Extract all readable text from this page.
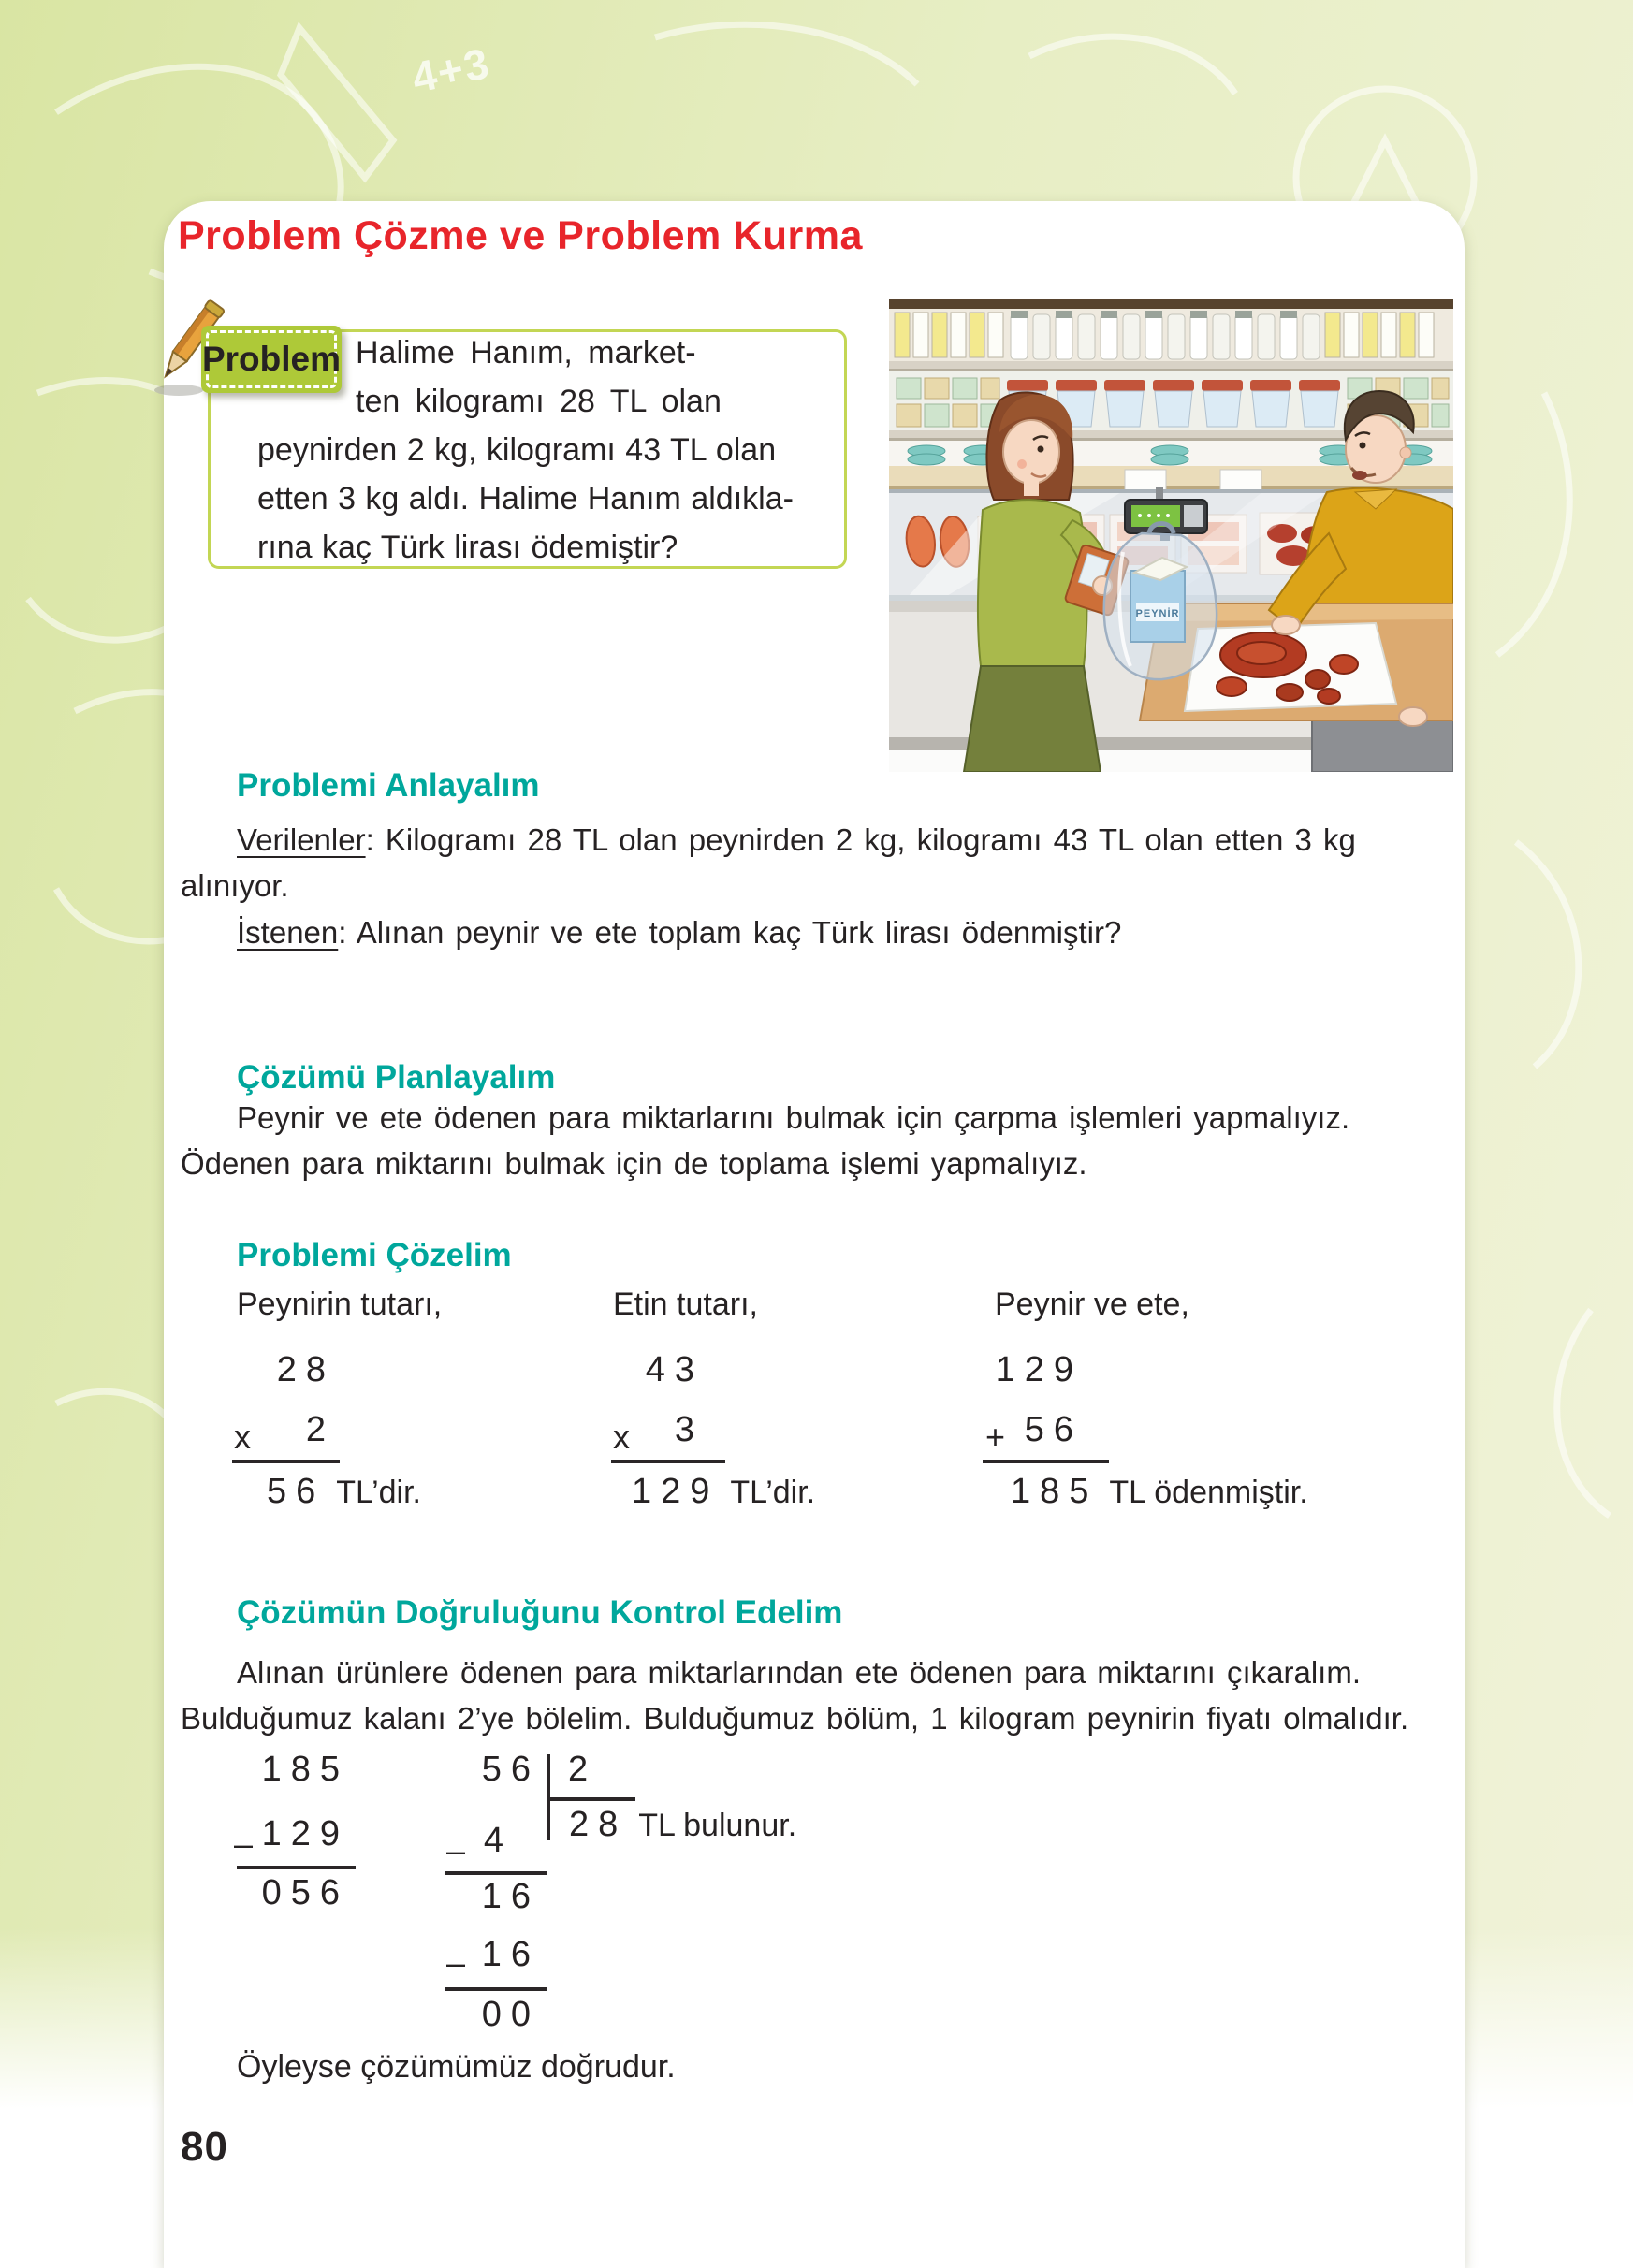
4+3
Problem Çözme ve Problem Kurma
Problem Halime Hanım, market-
ten kilogramı 28 TL olan
peynirden 2 kg, kilogramı 43 TL olan
etten 3 kg aldı. Halime Hanım aldıkla-
rına kaç Türk lirası ödemiştir?
PEYNİR
Problemi Anlayalım
Verilenler: Kilogramı 28 TL olan peynirden 2 kg, kilogramı 43 TL olan etten 3 kg
alınıyor.
İstenen: Alınan peynir ve ete toplam kaç Türk lirası ödenmiştir?
Çözümü Planlayalım
Peynir ve ete ödenen para miktarlarını bulmak için çarpma işlemleri yapmalıyız.
Ödenen para miktarını bulmak için de toplama işlemi yapmalıyız.
Problemi Çözelim
Peynirin tutarı,	Etin tutarı,	Peynir ve ete,
28
x 2
56 TL’dir.
43
x 3
129 TL’dir.
129
+ 56
185 TL ödenmiştir.
Çözümün Doğruluğunu Kontrol Edelim
Alınan ürünlere ödenen para miktarlarından ete ödenen para miktarını çıkaralım.
Bulduğumuz kalanı 2’ye bölelim. Bulduğumuz bölüm, 1 kilogram peynirin fiyatı olmalıdır.
185
– 129
056
56 2
28 TL bulunur.
– 4
16
– 16
00
Öyleyse çözümümüz doğrudur.
80
